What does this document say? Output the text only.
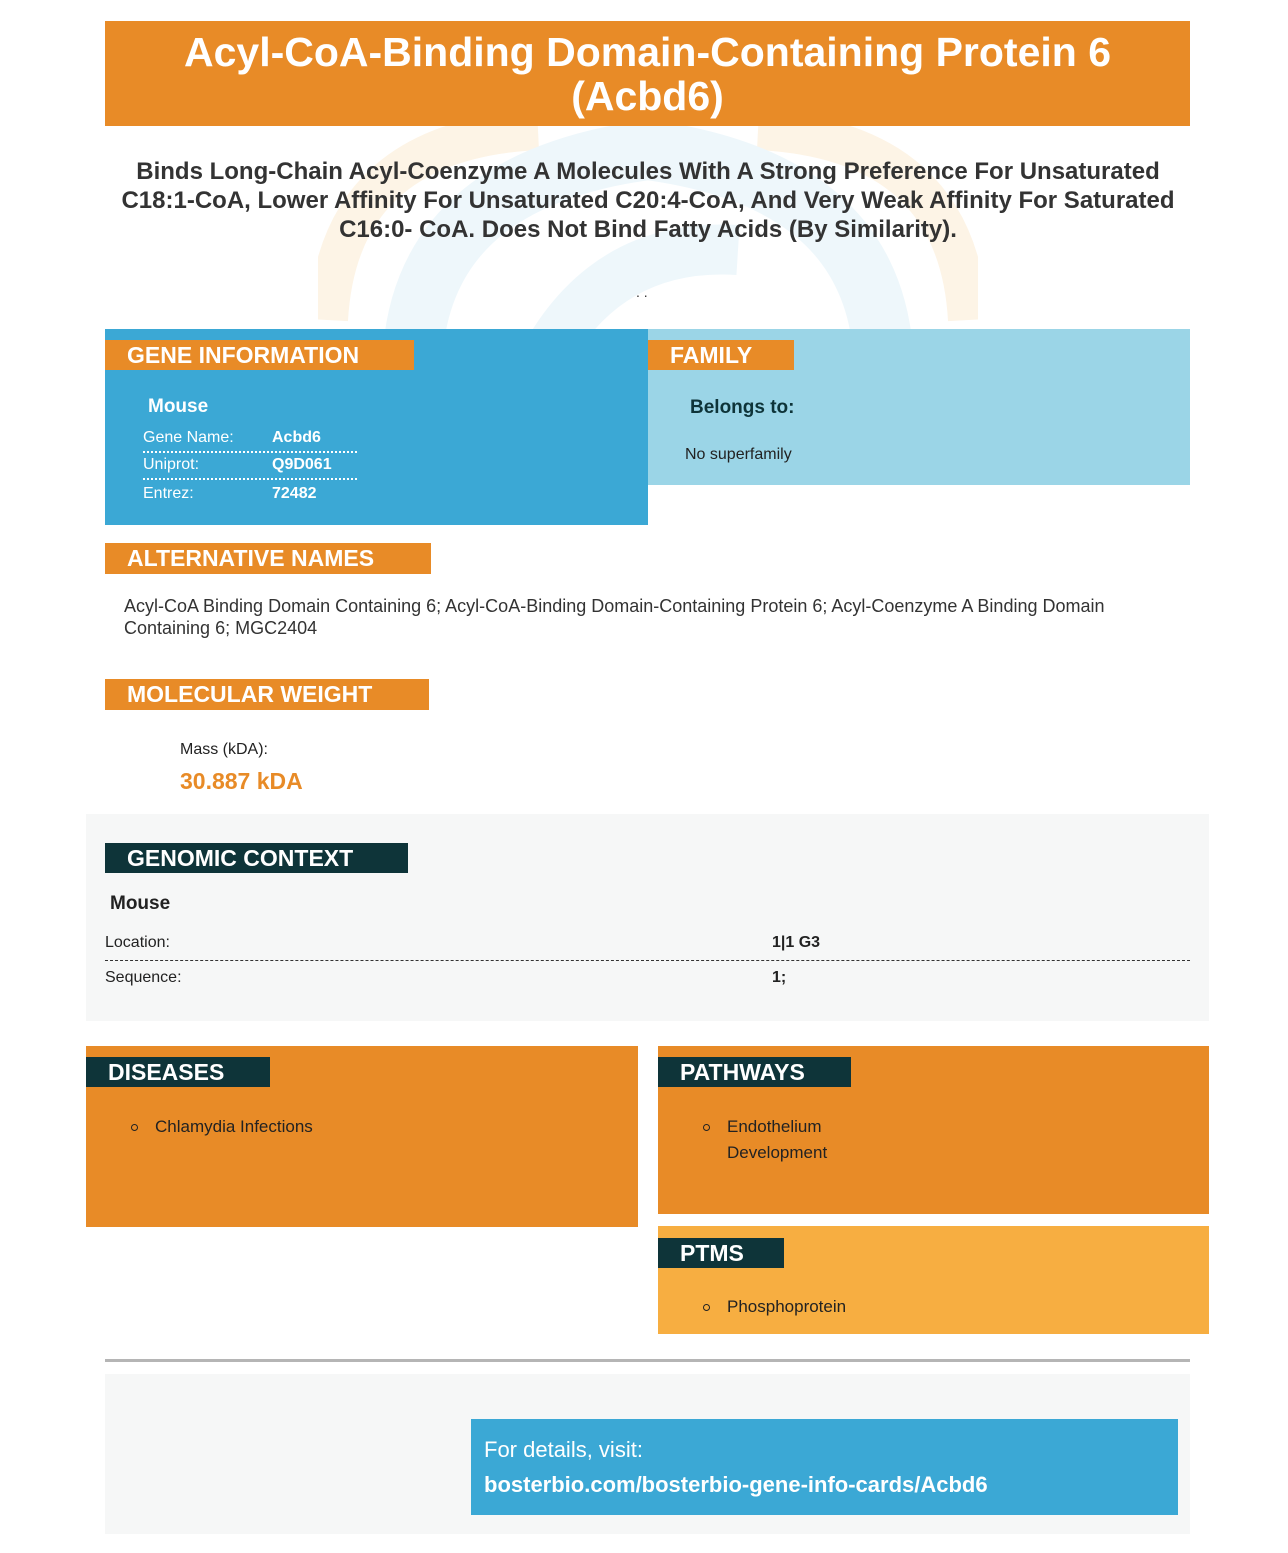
Acyl-CoA-Binding Domain-Containing Protein 6 (Acbd6)
Binds Long-Chain Acyl-Coenzyme A Molecules With A Strong Preference For Unsaturated C18:1-CoA, Lower Affinity For Unsaturated C20:4-CoA, And Very Weak Affinity For Saturated C16:0- CoA. Does Not Bind Fatty Acids (By Similarity).
. .
GENE INFORMATION
Mouse
Gene Name:	Acbd6
Uniprot:	Q9D061
Entrez:	72482
FAMILY
Belongs to:
No superfamily
ALTERNATIVE NAMES
Acyl-CoA Binding Domain Containing 6; Acyl-CoA-Binding Domain-Containing Protein 6; Acyl-Coenzyme A Binding Domain Containing 6; MGC2404
MOLECULAR WEIGHT
Mass (kDA):
30.887 kDA
GENOMIC CONTEXT
Mouse
Location:	1|1 G3
Sequence:	1;
DISEASES
Chlamydia Infections
PATHWAYS
Endothelium
Development
PTMS
Phosphoprotein
For details, visit:
bosterbio.com/bosterbio-gene-info-cards/Acbd6
